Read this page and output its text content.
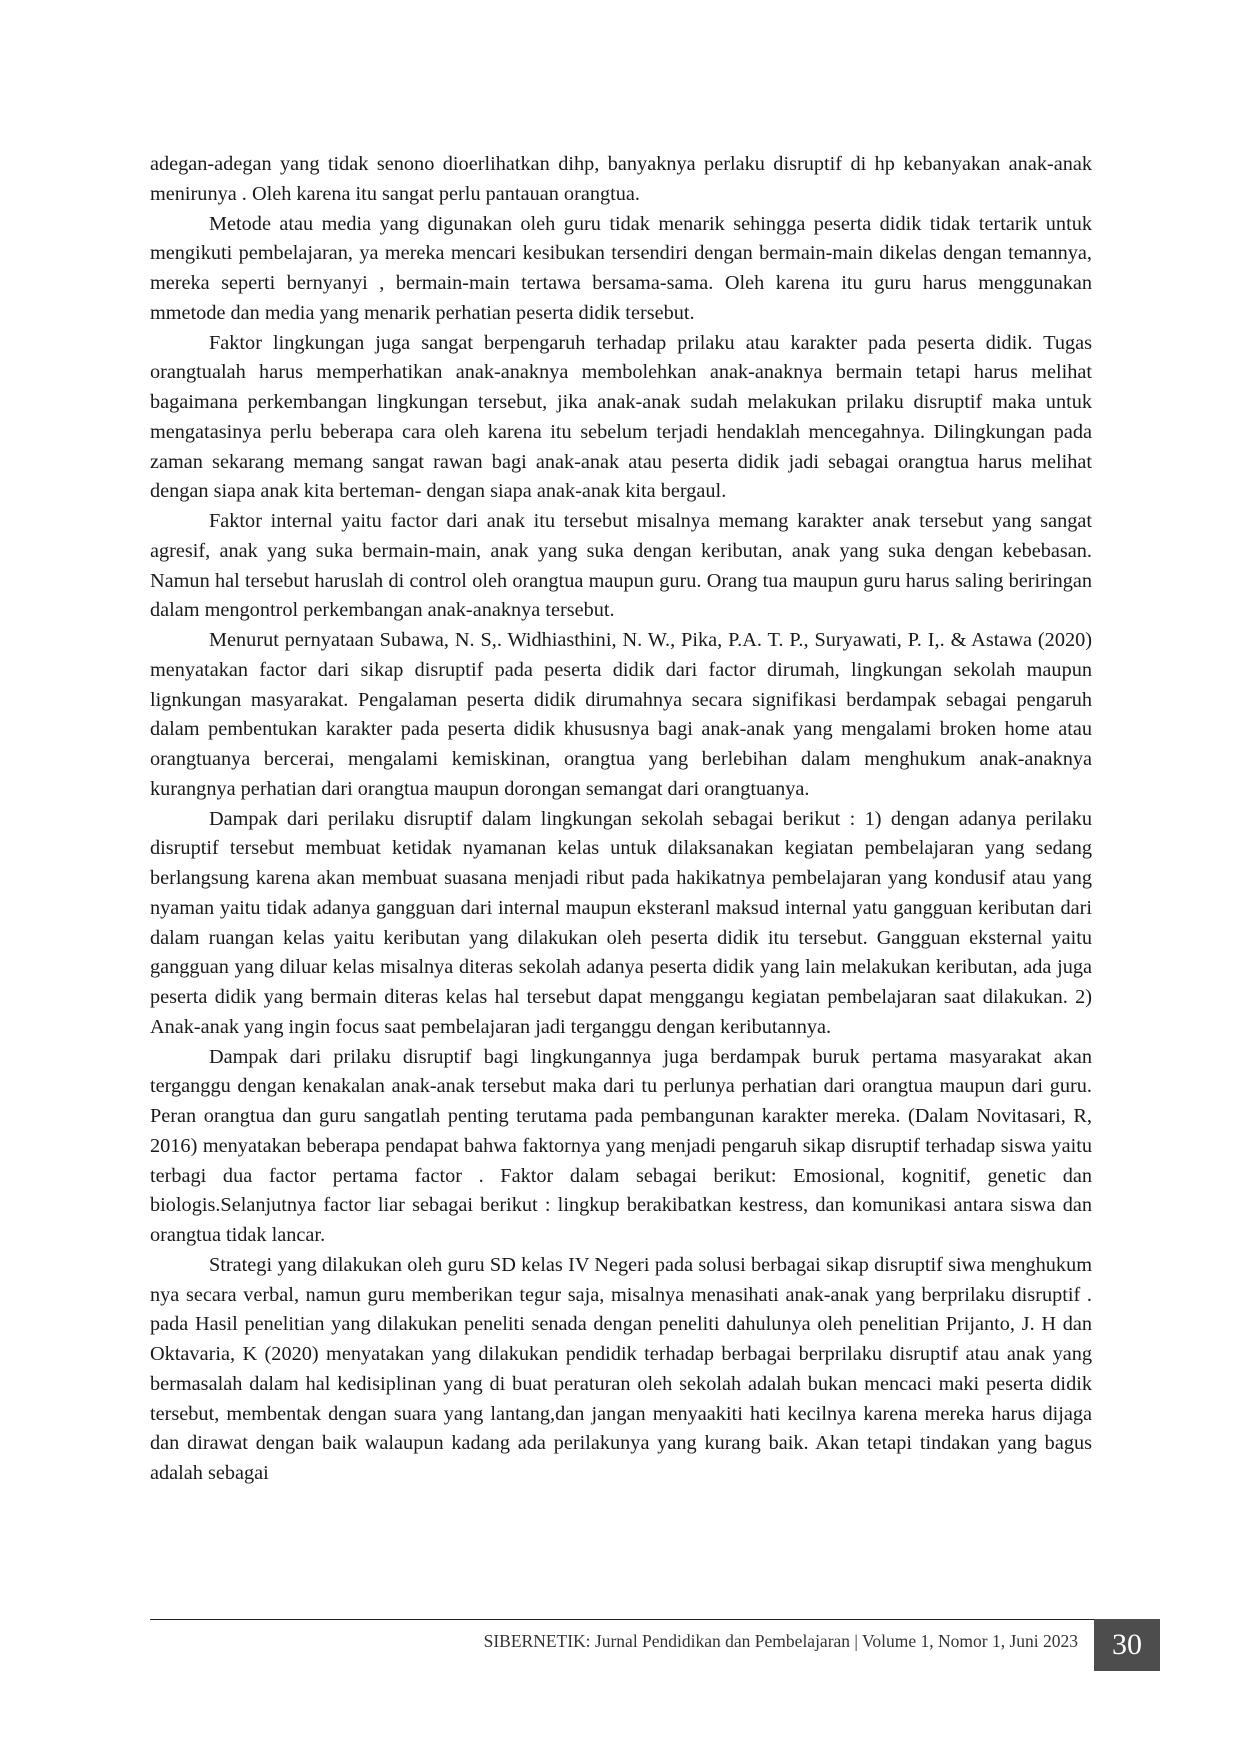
adegan-adegan yang tidak senono dioerlihatkan dihp, banyaknya perlaku disruptif di hp kebanyakan anak-anak menirunya . Oleh karena itu sangat perlu pantauan orangtua.

Metode atau media yang digunakan oleh guru tidak menarik sehingga peserta didik tidak tertarik untuk mengikuti pembelajaran, ya mereka mencari kesibukan tersendiri dengan bermain-main dikelas dengan temannya, mereka seperti bernyanyi , bermain-main tertawa bersama-sama. Oleh karena itu guru harus menggunakan mmetode dan media yang menarik perhatian peserta didik tersebut.

Faktor lingkungan juga sangat berpengaruh terhadap prilaku atau karakter pada peserta didik. Tugas orangtualah harus memperhatikan anak-anaknya membolehkan anak-anaknya bermain tetapi harus melihat bagaimana perkembangan lingkungan tersebut, jika anak-anak sudah melakukan prilaku disruptif maka untuk mengatasinya perlu beberapa cara oleh karena itu sebelum terjadi hendaklah mencegahnya. Dilingkungan pada zaman sekarang memang sangat rawan bagi anak-anak atau peserta didik jadi sebagai orangtua harus melihat dengan siapa anak kita berteman- dengan siapa anak-anak kita bergaul.

Faktor internal yaitu factor dari anak itu tersebut misalnya memang karakter anak tersebut yang sangat agresif, anak yang suka bermain-main, anak yang suka dengan keributan, anak yang suka dengan kebebasan. Namun hal tersebut haruslah di control oleh orangtua maupun guru. Orang tua maupun guru harus saling beriringan dalam mengontrol perkembangan anak-anaknya tersebut.

Menurut pernyataan Subawa, N. S,. Widhiasthini, N. W., Pika, P.A. T. P., Suryawati, P. I,. & Astawa (2020) menyatakan factor dari sikap disruptif pada peserta didik dari factor dirumah, lingkungan sekolah maupun lignkungan masyarakat. Pengalaman peserta didik dirumahnya secara signifikasi berdampak sebagai pengaruh dalam pembentukan karakter pada peserta didik khususnya bagi anak-anak yang mengalami broken home atau orangtuanya bercerai, mengalami kemiskinan, orangtua yang berlebihan dalam menghukum anak-anaknya kurangnya perhatian dari orangtua maupun dorongan semangat dari orangtuanya.

Dampak dari perilaku disruptif dalam lingkungan sekolah sebagai berikut : 1) dengan adanya perilaku disruptif tersebut membuat ketidak nyamanan kelas untuk dilaksanakan kegiatan pembelajaran yang sedang berlangsung karena akan membuat suasana menjadi ribut pada hakikatnya pembelajaran yang kondusif atau yang nyaman yaitu tidak adanya gangguan dari internal maupun eksteranl maksud internal yatu gangguan keributan dari dalam ruangan kelas yaitu keributan yang dilakukan oleh peserta didik itu tersebut. Gangguan eksternal yaitu gangguan yang diluar kelas misalnya diteras sekolah adanya peserta didik yang lain melakukan keributan, ada juga peserta didik yang bermain diteras kelas hal tersebut dapat menggangu kegiatan pembelajaran saat dilakukan. 2) Anak-anak yang ingin focus saat pembelajaran jadi terganggu dengan keributannya.

Dampak dari prilaku disruptif bagi lingkungannya juga berdampak buruk pertama masyarakat akan terganggu dengan kenakalan anak-anak tersebut maka dari tu perlunya perhatian dari orangtua maupun dari guru. Peran orangtua dan guru sangatlah penting terutama pada pembangunan karakter mereka. (Dalam Novitasari, R, 2016) menyatakan beberapa pendapat bahwa faktornya yang menjadi pengaruh sikap disruptif terhadap siswa yaitu terbagi dua factor pertama factor . Faktor dalam sebagai berikut: Emosional, kognitif, genetic dan biologis.Selanjutnya factor liar sebagai berikut : lingkup berakibatkan kestress, dan komunikasi antara siswa dan orangtua tidak lancar.

Strategi yang dilakukan oleh guru SD kelas IV Negeri pada solusi berbagai sikap disruptif siwa menghukum nya secara verbal, namun guru memberikan tegur saja, misalnya menasihati anak-anak yang berprilaku disruptif . pada Hasil penelitian yang dilakukan peneliti senada dengan peneliti dahulunya oleh penelitian Prijanto, J. H dan Oktavaria, K (2020) menyatakan yang dilakukan pendidik terhadap berbagai berprilaku disruptif atau anak yang bermasalah dalam hal kedisiplinan yang di buat peraturan oleh sekolah adalah bukan mencaci maki peserta didik tersebut, membentak dengan suara yang lantang,dan jangan menyaakiti hati kecilnya karena mereka harus dijaga dan dirawat dengan baik walaupun kadang ada perilakunya yang kurang baik. Akan tetapi tindakan yang bagus adalah sebagai

SIBERNETIK: Jurnal Pendidikan dan Pembelajaran | Volume 1, Nomor 1, Juni 2023	30
